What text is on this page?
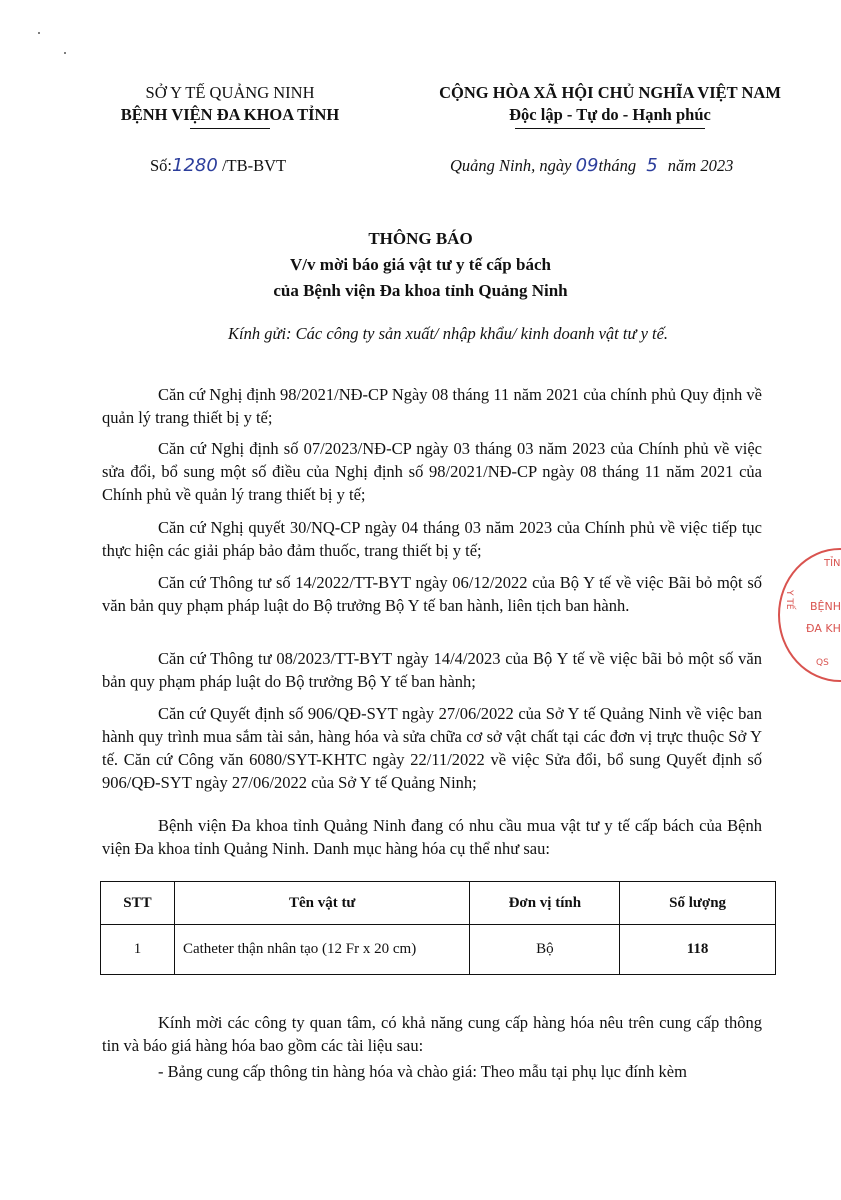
SỞ Y TẾ QUẢNG NINH
BỆNH VIỆN ĐA KHOA TỈNH
CỘNG HÒA XÃ HỘI CHỦ NGHĨA VIỆT NAM
Độc lập - Tự do - Hạnh phúc
Số:1280 /TB-BVT	Quảng Ninh, ngày 09tháng 5 năm 2023
THÔNG BÁO
V/v mời báo giá vật tư y tế cấp bách
của Bệnh viện Đa khoa tỉnh Quảng Ninh
Kính gửi: Các công ty sản xuất/ nhập khẩu/ kinh doanh vật tư y tế.
Căn cứ Nghị định 98/2021/NĐ-CP Ngày 08 tháng 11 năm 2021 của chính phủ Quy định về quản lý trang thiết bị y tế;
Căn cứ Nghị định số 07/2023/NĐ-CP ngày 03 tháng 03 năm 2023 của Chính phủ về việc sửa đổi, bổ sung một số điều của Nghị định số 98/2021/NĐ-CP ngày 08 tháng 11 năm 2021 của Chính phủ về quản lý trang thiết bị y tế;
Căn cứ Nghị quyết 30/NQ-CP ngày 04 tháng 03 năm 2023 của Chính phủ về việc tiếp tục thực hiện các giải pháp bảo đảm thuốc, trang thiết bị y tế;
Căn cứ Thông tư số 14/2022/TT-BYT ngày 06/12/2022 của Bộ Y tế về việc Bãi bỏ một số văn bản quy phạm pháp luật do Bộ trưởng Bộ Y tế ban hành, liên tịch ban hành.
Căn cứ Thông tư 08/2023/TT-BYT ngày 14/4/2023 của Bộ Y tế về việc bãi bỏ một số văn bản quy phạm pháp luật do Bộ trưởng Bộ Y tế ban hành;
Căn cứ Quyết định số 906/QĐ-SYT ngày 27/06/2022 của Sở Y tế Quảng Ninh về việc ban hành quy trình mua sắm tài sản, hàng hóa và sửa chữa cơ sở vật chất tại các đơn vị trực thuộc Sở Y tế. Căn cứ Công văn 6080/SYT-KHTC ngày 22/11/2022 về việc Sửa đổi, bổ sung Quyết định số 906/QĐ-SYT ngày 27/06/2022 của Sở Y tế Quảng Ninh;
Bệnh viện Đa khoa tỉnh Quảng Ninh đang có nhu cầu mua vật tư y tế cấp bách của Bệnh viện Đa khoa tỉnh Quảng Ninh. Danh mục hàng hóa cụ thể như sau:
STT	Tên vật tư	Đơn vị tính	Số lượng
1	Catheter thận nhân tạo (12 Fr x 20 cm)	Bộ	118
Kính mời các công ty quan tâm, có khả năng cung cấp hàng hóa nêu trên cung cấp thông tin và báo giá hàng hóa bao gồm các tài liệu sau:
- Bảng cung cấp thông tin hàng hóa và chào giá: Theo mẫu tại phụ lục đính kèm
TỈN
BỆNH
ĐA KH
Y TẾ
QS
